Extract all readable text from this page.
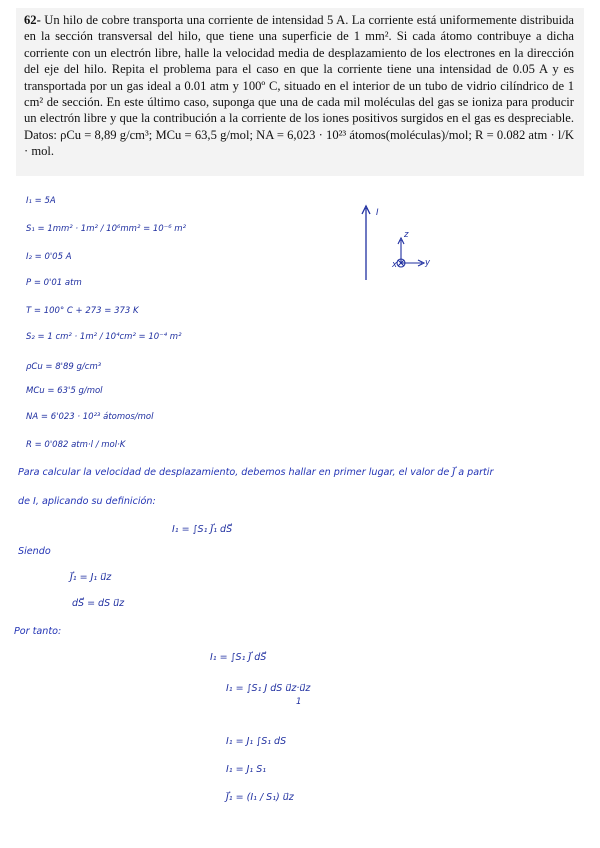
62- Un hilo de cobre transporta una corriente de intensidad 5 A. La corriente está uniformemente distribuida en la sección transversal del hilo, que tiene una superficie de 1 mm². Si cada átomo contribuye a dicha corriente con un electrón libre, halle la velocidad media de desplazamiento de los electrones en la dirección del eje del hilo. Repita el problema para el caso en que la corriente tiene una intensidad de 0.05 A y es transportada por un gas ideal a 0.01 atm y 100º C, situado en el interior de un tubo de vidrio cilíndrico de 1 cm² de sección. En este último caso, suponga que una de cada mil moléculas del gas se ioniza para producir un electrón libre y que la contribución a la corriente de los iones positivos surgidos en el gas es despreciable. Datos: ρCu = 8,89 g/cm³; MCu = 63,5 g/mol; NA = 6,023 · 10²³ átomos(moléculas)/mol; R = 0.082 atm · l/K · mol.
I₁ = 5A
S₁ = 1mm² · 1m² / 10⁶mm² = 10⁻⁶ m²
I₂ = 0'05 A
P = 0'01 atm
T = 100° C + 273 = 373 K
S₂ = 1 cm² · 1m² / 10⁴cm² = 10⁻⁴ m²
ρCu = 8'89 g/cm³
MCu = 63'5 g/mol
NA = 6'023 · 10²³ átomos/mol
R = 0'082 atm·l / mol·K
I
z
y
x
Para calcular la velocidad de desplazamiento, debemos hallar en primer lugar, el valor de J⃗ a partir
de I, aplicando su definición:
I₁ = ∫S₁ J⃗₁ dS⃗
Siendo
J⃗₁ = J₁ u⃗z
dS⃗ = dS u⃗z
Por tanto:
I₁ = ∫S₁ J⃗ dS⃗
I₁ = ∫S₁ J dS u⃗z·u⃗z
1
I₁ = J₁ ∫S₁ dS
I₁ = J₁ S₁
J⃗₁ = (I₁ / S₁) u⃗z
